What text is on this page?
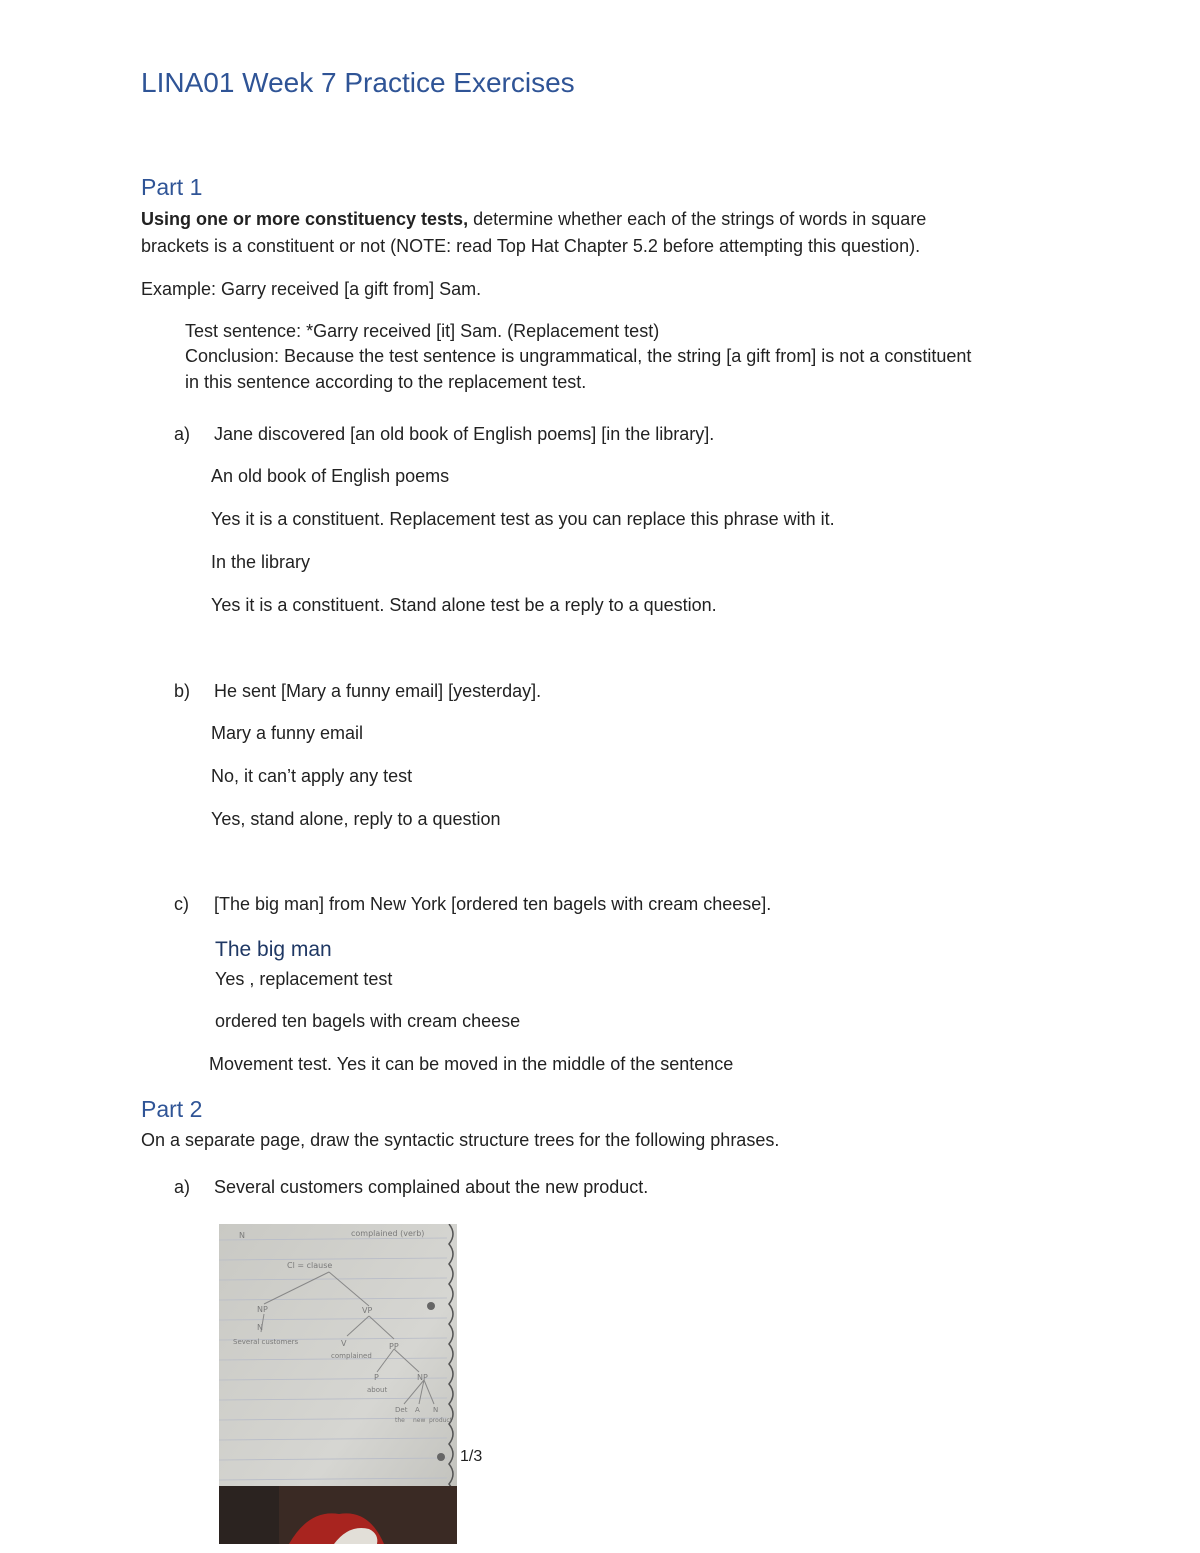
LINA01 Week 7 Practice Exercises
Part 1
Using one or more constituency tests, determine whether each of the strings of words in square
brackets is a constituent or not (NOTE: read Top Hat Chapter 5.2 before attempting this question).
Example: Garry received [a gift from] Sam.
Test sentence: *Garry received [it] Sam. (Replacement test)
Conclusion: Because the test sentence is ungrammatical, the string [a gift from] is not a constituent
in this sentence according to the replacement test.
a) Jane discovered [an old book of English poems] [in the library].
An old book of English poems
Yes it is a constituent. Replacement test as you can replace this phrase with it.
In the library
Yes it is a constituent. Stand alone test be a reply to a question.
b) He sent [Mary a funny email] [yesterday].
Mary a funny email
No, it can’t apply any test
Yes, stand alone, reply to a question
c) [The big man] from New York [ordered ten bagels with cream cheese].
The big man
Yes , replacement test
ordered ten bagels with cream cheese
Movement test. Yes it can be moved in the middle of the sentence
Part 2
On a separate page, draw the syntactic structure trees for the following phrases.
a) Several customers complained about the new product.
N	complained (verb)
Cl = clause
NP	VP
N
Several customers	V
complained
PP
P
about
NP
Det A N
the new product
1/3
